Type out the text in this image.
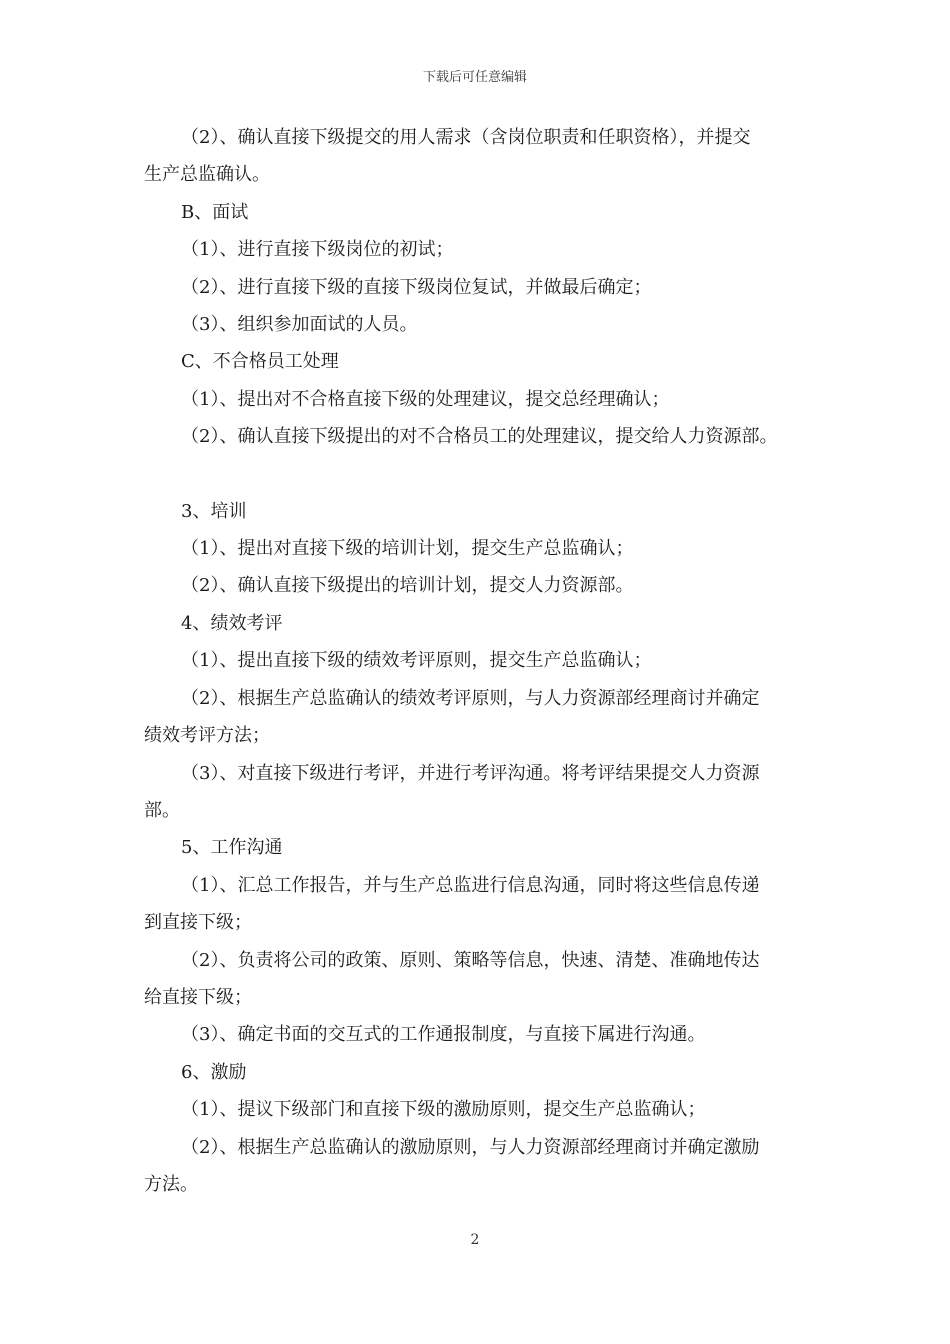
下载后可任意编辑

（2）、确认直接下级提交的用人需求（含岗位职责和任职资格），并提交

生产总监确认。

B、面试

（1）、进行直接下级岗位的初试；

（2）、进行直接下级的直接下级岗位复试，并做最后确定；

（3）、组织参加面试的人员。

C、不合格员工处理

（1）、提出对不合格直接下级的处理建议，提交总经理确认；

（2）、确认直接下级提出的对不合格员工的处理建议，提交给人力资源部。

3、培训

（1）、提出对直接下级的培训计划，提交生产总监确认；

（2）、确认直接下级提出的培训计划，提交人力资源部。

4、绩效考评

（1）、提出直接下级的绩效考评原则，提交生产总监确认；

（2）、根据生产总监确认的绩效考评原则，与人力资源部经理商讨并确定

绩效考评方法；

（3）、对直接下级进行考评，并进行考评沟通。将考评结果提交人力资源

部。

5、工作沟通

（1）、汇总工作报告，并与生产总监进行信息沟通，同时将这些信息传递

到直接下级；

（2）、负责将公司的政策、原则、策略等信息，快速、清楚、准确地传达

给直接下级；

（3）、确定书面的交互式的工作通报制度，与直接下属进行沟通。

6、激励

（1）、提议下级部门和直接下级的激励原则，提交生产总监确认；

（2）、根据生产总监确认的激励原则，与人力资源部经理商讨并确定激励

方法。

2
